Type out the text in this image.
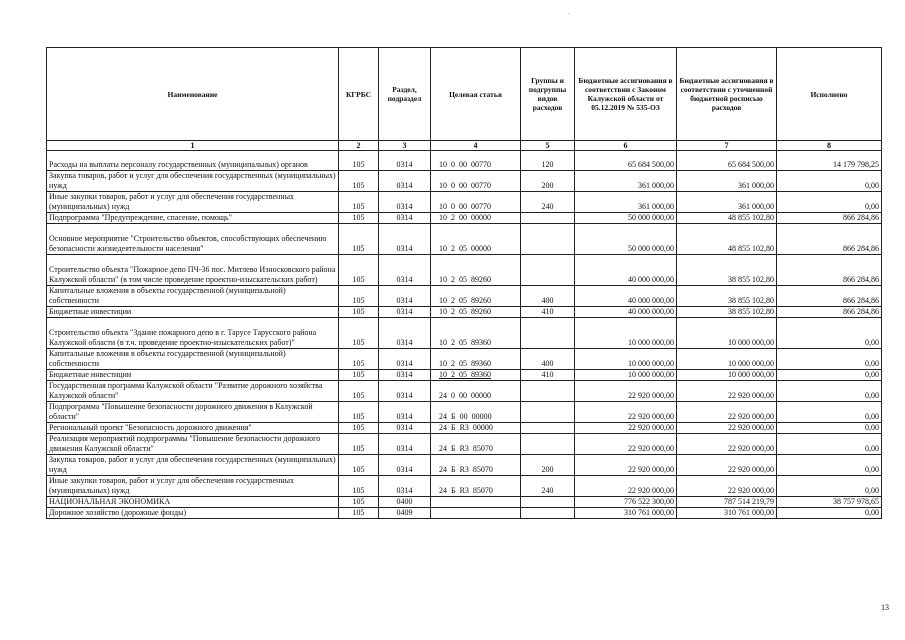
.
Наименование	КГРБС	Раздел, подраздел	Целевая статья	Группы и подгруппы видов расходов	Бюджетные ассигнования в соответствии с Законом Калужской области от 05.12.2019 № 535-ОЗ	Бюджетные ассигнования в соответствии с уточненной бюджетной росписью расходов	Исполнено
1	2	3	4	5	6	7	8
Расходы на выплаты персоналу государственных (муниципальных) органов	105	0314	10  0  00  00770	120	65 684 500,00	65 684 500,00	14 179 798,25
Закупка товаров, работ и услуг для обеспечения государственных (муниципальных) нужд	105	0314	10  0  00  00770	200	361 000,00	361 000,00	0,00
Иные закупки товаров, работ и услуг для обеспечения государственных (муниципальных) нужд	105	0314	10  0  00  00770	240	361 000,00	361 000,00	0,00
Подпрограмма "Предупреждение, спасение, помощь"	105	0314	10  2  00  00000		50 000 000,00	48 855 102,80	866 284,86
Основное мероприятие "Строительство объектов, способствующих обеспечению безопасности жизнедеятельности населения"	105	0314	10  2  05  00000		50 000 000,00	48 855 102,80	866 284,86
Строительство объекта "Пожарное депо ПЧ-36 пос. Митлево Износковского района Калужской области" (в том числе проведение проектно-изыскательских работ)	105	0314	10  2  05  89260		40 000 000,00	38 855 102,80	866 284,86
Капитальные вложения в объекты государственной (муниципальной) собственности	105	0314	10  2  05  89260	400	40 000 000,00	38 855 102,80	866 284,86
Бюджетные инвестиции	105	0314	10  2  05  89260	410	40 000 000,00	38 855 102,80	866 284,86
Строительство объекта "Здание пожарного депо в г. Тарусе Тарусского района Калужской области (в т.ч. проведение проектно-изыскательских работ)"	105	0314	10  2  05  89360		10 000 000,00	10 000 000,00	0,00
Капитальные вложения в объекты государственной (муниципальной) собственности	105	0314	10  2  05  89360	400	10 000 000,00	10 000 000,00	0,00
Бюджетные инвестиции	105	0314	10  2  05  89360	410	10 000 000,00	10 000 000,00	0,00
Государственная программа Калужской области "Развитие дорожного хозяйства Калужской области"	105	0314	24  0  00  00000		22 920 000,00	22 920 000,00	0,00
Подпрограмма "Повышение безопасности дорожного движения в Калужской области"	105	0314	24  Б  00  00000		22 920 000,00	22 920 000,00	0,00
Региональный проект "Безопасность дорожного движения"	105	0314	24  Б  R3  00000		22 920 000,00	22 920 000,00	0,00
Реализация мероприятий подпрограммы "Повышение безопасности дорожного движения Калужской области"	105	0314	24  Б  R3  85070		22 920 000,00	22 920 000,00	0,00
Закупка товаров, работ и услуг для обеспечения государственных (муниципальных) нужд	105	0314	24  Б  R3  85070	200	22 920 000,00	22 920 000,00	0,00
Иные закупки товаров, работ и услуг для обеспечения государственных (муниципальных) нужд	105	0314	24  Б  R3  85070	240	22 920 000,00	22 920 000,00	0,00
НАЦИОНАЛЬНАЯ ЭКОНОМИКА	105	0400			776 522 300,00	787 514 219,79	38 757 978,65
Дорожное хозяйство (дорожные фонды)	105	0409			310 761 000,00	310 761 000,00	0,00
13
